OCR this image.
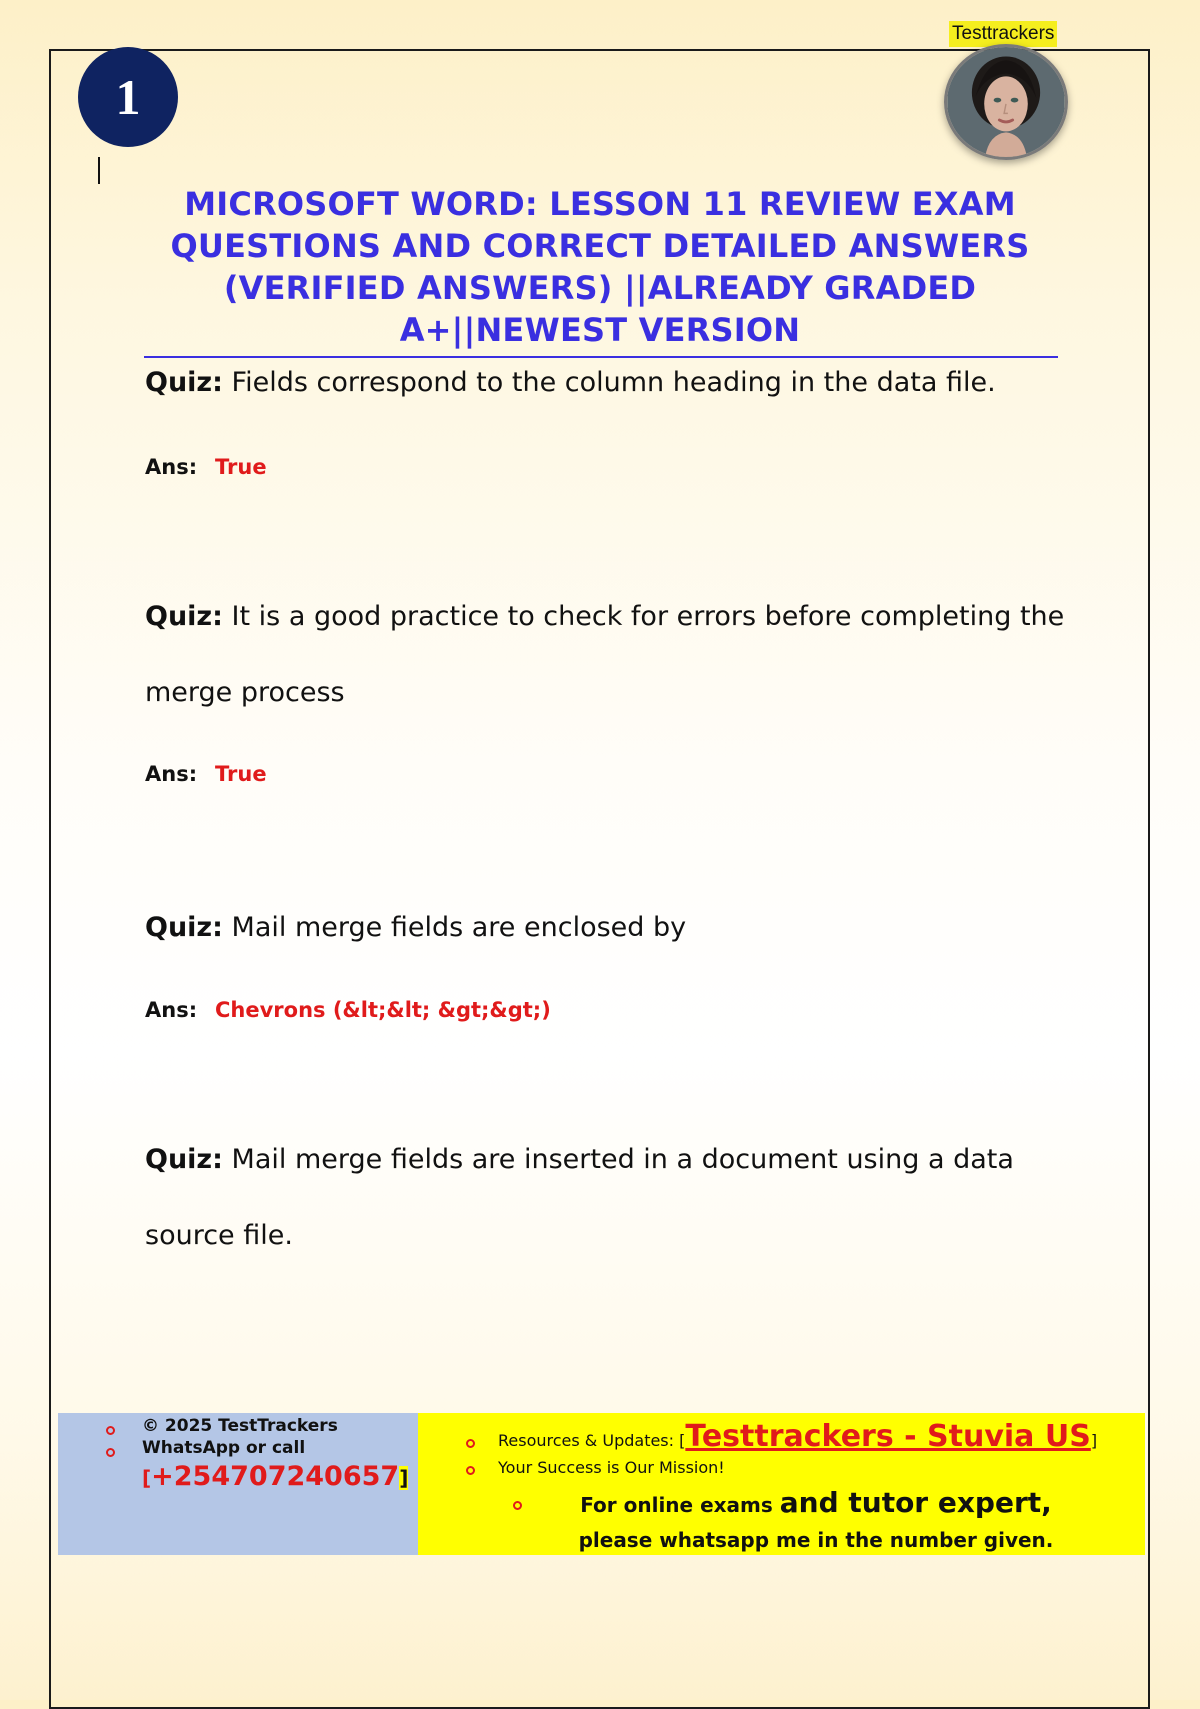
1
Testtrackers
MICROSOFT WORD: LESSON 11 REVIEW EXAM QUESTIONS AND CORRECT DETAILED ANSWERS (VERIFIED ANSWERS) ||ALREADY GRADED A+||NEWEST VERSION

Quiz: Fields correspond to the column heading in the data file.

Ans: True

Quiz: It is a good practice to check for errors before completing the merge process

Ans: True

Quiz: Mail merge fields are enclosed by

Ans: Chevrons (&lt;&lt; &gt;&gt;)

Quiz: Mail merge fields are inserted in a document using a data source file.

© 2025 TestTrackers
WhatsApp or call
[+254707240657]
Resources & Updates: [Testtrackers - Stuvia US]
Your Success is Our Mission!
For online exams and tutor expert, please whatsapp me in the number given.
